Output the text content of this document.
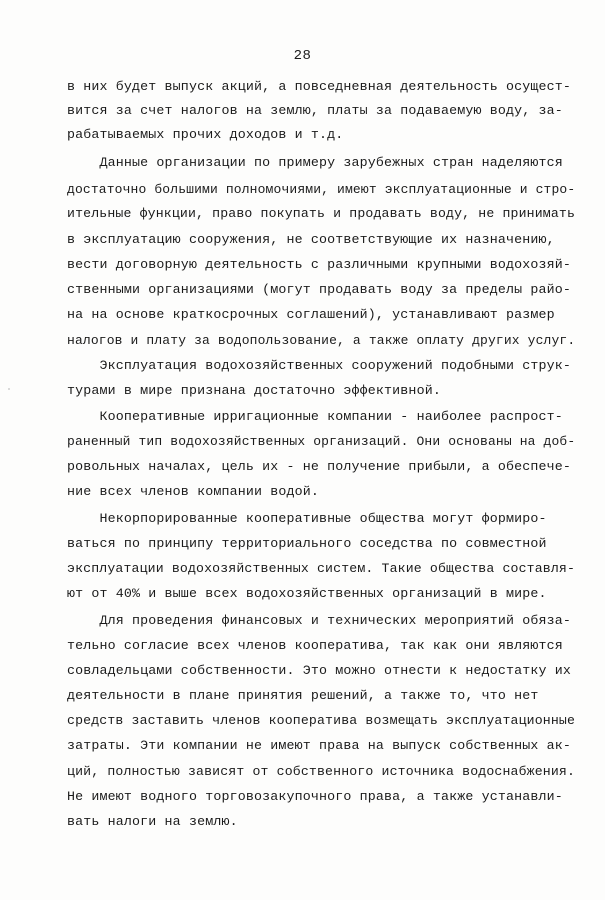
28
в них будет выпуск акций, а повседневная деятельность осущест-
вится за счет налогов на землю, платы за подаваемую воду, за-
рабатываемых прочих доходов и т.д.
Данные организации по примеру зарубежных стран наделяются
достаточно большими полномочиями, имеют эксплуатационные и стро-
ительные функции, право покупать и продавать воду, не принимать
в эксплуатацию сооружения, не соответствующие их назначению,
вести договорную деятельность с различными крупными водохозяй-
ственными организациями (могут продавать воду за пределы райо-
на на основе краткосрочных соглашений), устанавливают размер
налогов и плату за водопользование, а также оплату других услуг.
Эксплуатация водохозяйственных сооружений подобными струк-
турами в мире признана достаточно эффективной.
Кооперативные ирригационные компании - наиболее распрост-
раненный тип водохозяйственных организаций. Они основаны на доб-
ровольных началах, цель их - не получение прибыли, а обеспече-
ние всех членов компании водой.
Некорпорированные кооперативные общества могут формиро-
ваться по принципу территориального соседства по совместной
эксплуатации водохозяйственных систем. Такие общества составля-
ют от 40% и выше всех водохозяйственных организаций в мире.
Для проведения финансовых и технических мероприятий обяза-
тельно согласие всех членов кооператива, так как они являются
совладельцами собственности. Это можно отнести к недостатку их
деятельности в плане принятия решений, а также то, что нет
средств заставить членов кооператива возмещать эксплуатационные
затраты. Эти компании не имеют права на выпуск собственных ак-
ций, полностью зависят от собственного источника водоснабжения.
Не имеют водного торговозакупочного права, а также устанавли-
вать налоги на землю.
